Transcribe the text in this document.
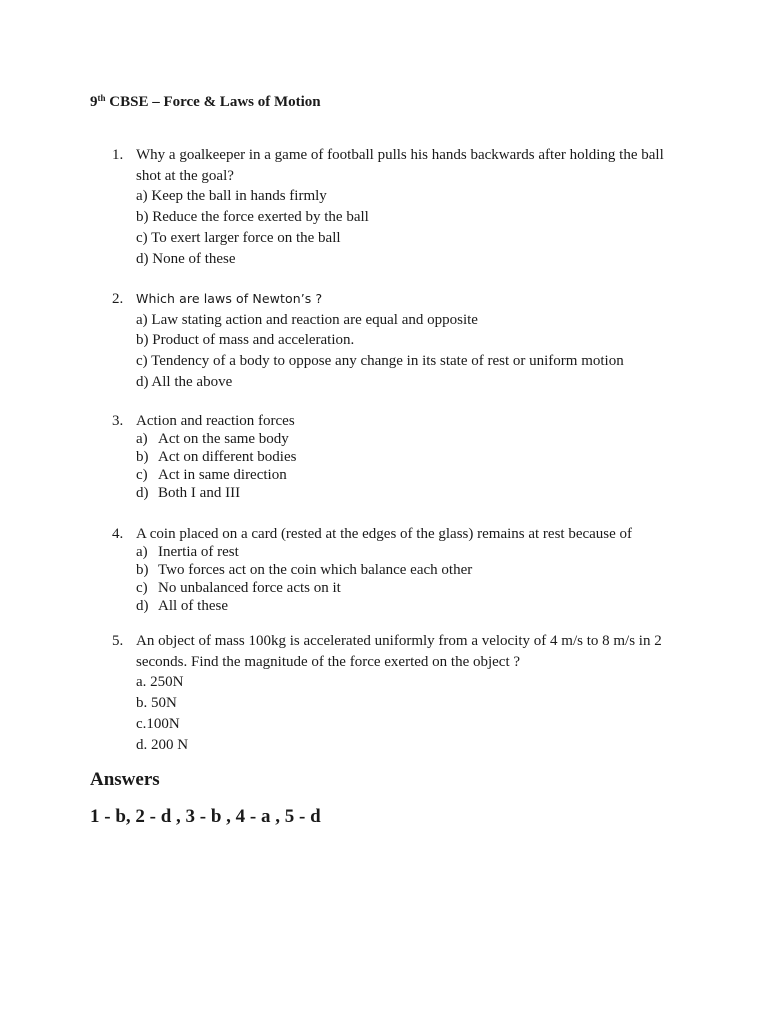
9th CBSE – Force & Laws of Motion
1. Why a goalkeeper in a game of football pulls his hands backwards after holding the ball
shot at the goal?
a) Keep the ball in hands firmly
b) Reduce the force exerted by the ball
c) To exert larger force on the ball
d) None of these
2. Which are laws of Newton’s ?
a) Law stating action and reaction are equal and opposite
b) Product of mass and acceleration.
c) Tendency of a body to oppose any change in its state of rest or uniform motion
d) All the above
3. Action and reaction forces
a) Act on the same body
b) Act on different bodies
c) Act in same direction
d) Both I and III
4. A coin placed on a card (rested at the edges of the glass) remains at rest because of
a) Inertia of rest
b) Two forces act on the coin which balance each other
c) No unbalanced force acts on it
d) All of these
5. An object of mass 100kg is accelerated uniformly from a velocity of 4 m/s to 8 m/s in 2
seconds. Find the magnitude of the force exerted on the object ?
a. 250N
b. 50N
c.100N
d. 200 N
Answers
1 - b, 2 - d , 3 - b , 4 - a , 5 - d
